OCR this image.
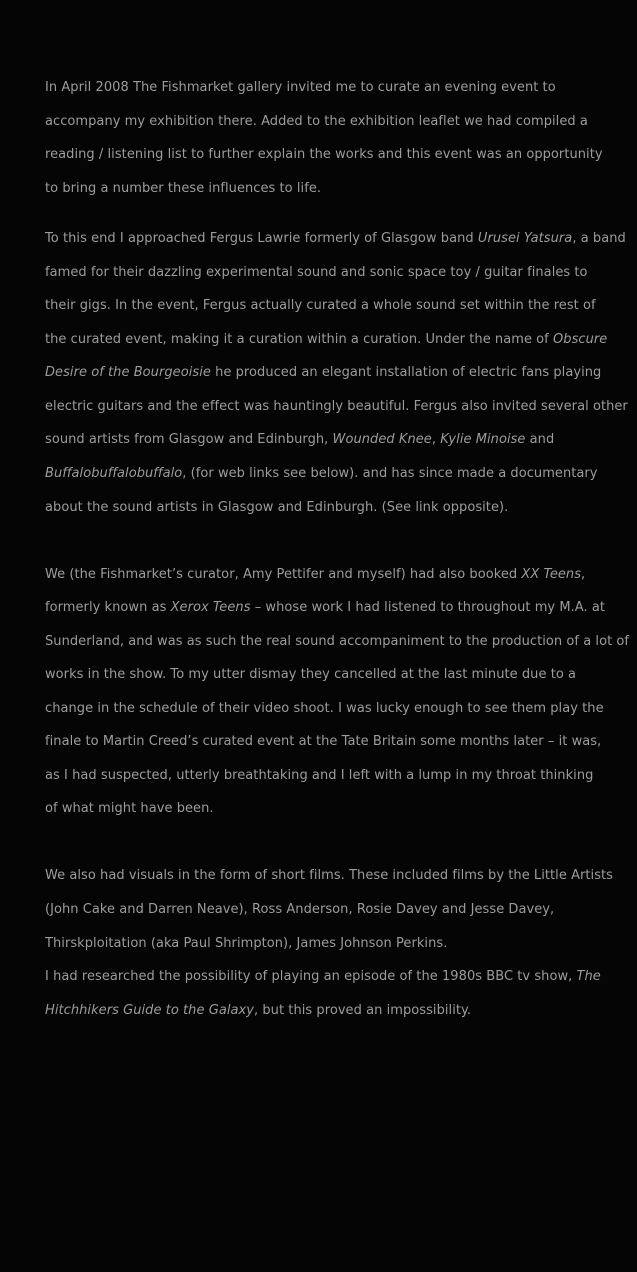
In April 2008 The Fishmarket gallery invited me to curate an evening event to
accompany my exhibition there. Added to the exhibition leaflet we had compiled a
reading / listening list to further explain the works and this event was an opportunity
to bring a number these influences to life.
To this end I approached Fergus Lawrie formerly of Glasgow band Urusei Yatsura, a band
famed for their dazzling experimental sound and sonic space toy / guitar finales to
their gigs. In the event, Fergus actually curated a whole sound set within the rest of
the curated event, making it a curation within a curation. Under the name of Obscure
Desire of the Bourgeoisie he produced an elegant installation of electric fans playing
electric guitars and the effect was hauntingly beautiful. Fergus also invited several other
sound artists from Glasgow and Edinburgh, Wounded Knee, Kylie Minoise and
Buffalobuffalobuffalo, (for web links see below). and has since made a documentary
about the sound artists in Glasgow and Edinburgh. (See link opposite).
We (the Fishmarket’s curator, Amy Pettifer and myself) had also booked XX Teens,
formerly known as Xerox Teens – whose work I had listened to throughout my M.A. at
Sunderland, and was as such the real sound accompaniment to the production of a lot of
works in the show. To my utter dismay they cancelled at the last minute due to a
change in the schedule of their video shoot. I was lucky enough to see them play the
finale to Martin Creed’s curated event at the Tate Britain some months later – it was,
as I had suspected, utterly breathtaking and I left with a lump in my throat thinking
of what might have been.
We also had visuals in the form of short films. These included films by the Little Artists
(John Cake and Darren Neave), Ross Anderson, Rosie Davey and Jesse Davey,
Thirskploitation (aka Paul Shrimpton), James Johnson Perkins.
I had researched the possibility of playing an episode of the 1980s BBC tv show, The
Hitchhikers Guide to the Galaxy, but this proved an impossibility.
